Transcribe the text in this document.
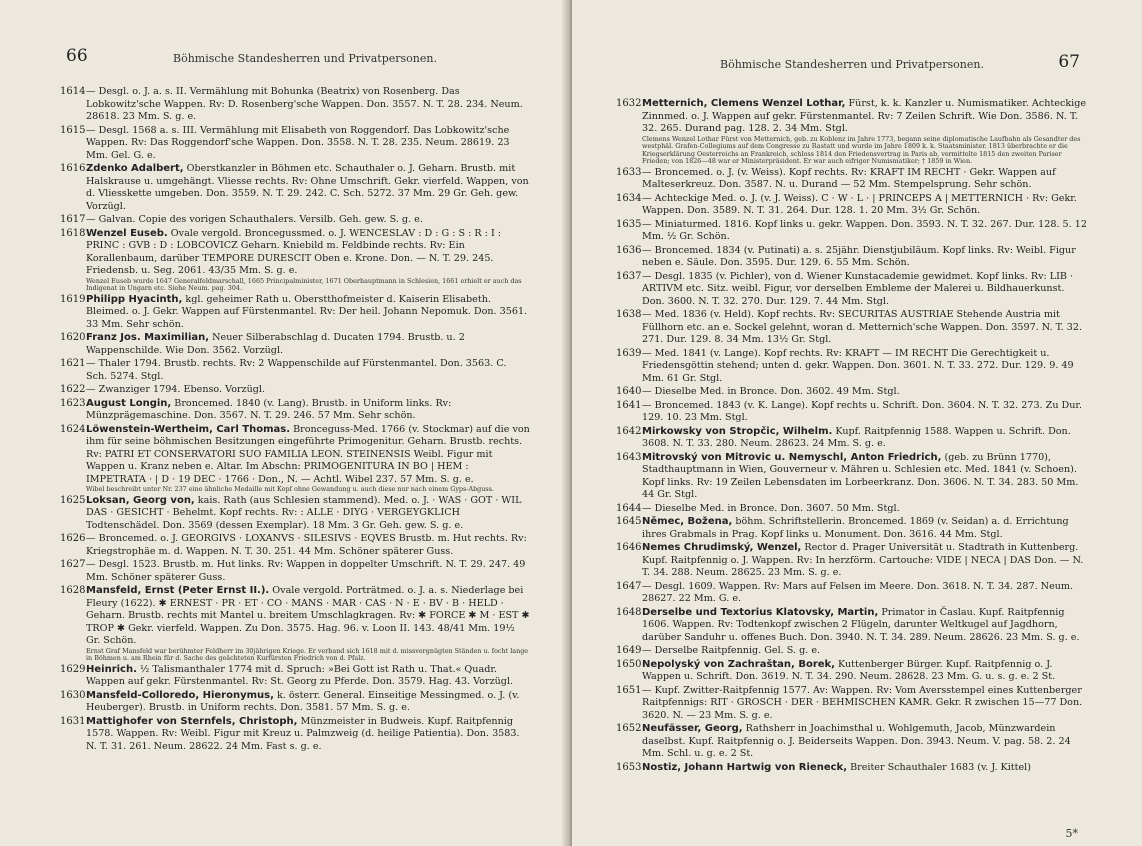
66	Böhmische Standesherren und Privatpersonen.
1614 — Desgl. o. J. a. s. II. Vermählung mit Bohunka (Beatrix) von Rosenberg. Das Lobkowitz'sche Wappen. Rv: D. Rosenberg'sche Wappen. Don. 3557. N. T. 28. 234. Neum. 28618. 23 Mm. S. g. e.
1615 — Desgl. 1568 a. s. III. Vermählung mit Elisabeth von Roggendorf. Das Lobkowitz'sche Wappen. Rv: Das Roggendorf'sche Wappen. Don. 3558. N. T. 28. 235. Neum. 28619. 23 Mm. Gel. G. e.
1616 Zdenko Adalbert, Oberstkanzler in Böhmen etc. Schauthaler o. J. Geharn. Brustb. mit Halskrause u. umgehängt. Vliesse rechts. Rv: Ohne Umschrift. Gekr. vierfeld. Wappen, von d. Vliesskette umgeben. Don. 3559. N. T. 29. 242. C. Sch. 5272. 37 Mm. 29 Gr. Geh. gew. Vorzügl.
1617 — Galvan. Copie des vorigen Schauthalers. Versilb. Geh. gew. S. g. e.
1618 Wenzel Euseb. Ovale vergold. Broncegussmed. o. J. WENCESLAV : D : G : S : R : I : PRINC : GVB : D : LOBCOVICZ Geharn. Kniebild m. Feldbinde rechts. Rv: Ein Korallenbaum, darüber TEMPORE DURESCIT Oben e. Krone. Don. — N. T. 29. 245. Friedensb. u. Seg. 2061. 43/35 Mm. S. g. e.
Wenzel Euseb wurde 1647 Generalfeldmarschall, 1665 Principalminister, 1671 Oberhauptmann in Schlesien, 1661 erhielt er auch das Indigenat in Ungarn etc. Siehe Neum. pag. 304.
1619 Philipp Hyacinth, kgl. geheimer Rath u. Oberstthofmeister d. Kaiserin Elisabeth. Bleimed. o. J. Gekr. Wappen auf Fürstenmantel. Rv: Der heil. Johann Nepomuk. Don. 3561. 33 Mm. Sehr schön.
1620 Franz Jos. Maximilian, Neuer Silberabschlag d. Ducaten 1794. Brustb. u. 2 Wappenschilde. Wie Don. 3562. Vorzügl.
1621 — Thaler 1794. Brustb. rechts. Rv: 2 Wappenschilde auf Fürstenmantel. Don. 3563. C. Sch. 5274. Stgl.
1622 — Zwanziger 1794. Ebenso. Vorzügl.
1623 August Longin, Broncemed. 1840 (v. Lang). Brustb. in Uniform links. Rv: Münzprägemaschine. Don. 3567. N. T. 29. 246. 57 Mm. Sehr schön.
1624 Löwenstein-Wertheim, Carl Thomas. Bronceguss-Med. 1766 (v. Stockmar) auf die von ihm für seine böhmischen Besitzungen eingeführte Primogenitur. Geharn. Brustb. rechts. Rv: PATRI ET CONSERVATORI SUO FAMILIA LEON. STEINENSIS Weibl. Figur mit Wappen u. Kranz neben e. Altar. Im Abschn: PRIMOGENITURA IN BO | HEM : IMPETRATA · | D · 19 DEC · 1766 · Don., N. — Achtl. Wibel 237. 57 Mm. S. g. e.
Wibel beschreibt unter Nr. 237 eine ähnliche Medaille mit Kopf ohne Gewandung u. auch diese nur nach einem Gyps-Abguss.
1625 Loksan, Georg von, kais. Rath (aus Schlesien stammend). Med. o. J. · WAS · GOT · WIL DAS · GESICHT · Behelmt. Kopf rechts. Rv: : ALLE · DIYG · VERGEYGKLICH Todtenschädel. Don. 3569 (dessen Exemplar). 18 Mm. 3 Gr. Geh. gew. S. g. e.
1626 — Broncemed. o. J. GEORGIVS · LOXANVS · SILESIVS · EQVES Brustb. m. Hut rechts. Rv: Kriegstrophäe m. d. Wappen. N. T. 30. 251. 44 Mm. Schöner späterer Guss.
1627 — Desgl. 1523. Brustb. m. Hut links. Rv: Wappen in doppelter Umschrift. N. T. 29. 247. 49 Mm. Schöner späterer Guss.
1628 Mansfeld, Ernst (Peter Ernst II.). Ovale vergold. Porträtmed. o. J. a. s. Niederlage bei Fleury (1622). ✱ ERNEST · PR · ET · CO · MANS · MAR · CAS · N · E · BV · B · HELD · Geharn. Brustb. rechts mit Mantel u. breitem Umschlagkragen. Rv: ✱ FORCE ✱ M · EST ✱ TROP ✱ Gekr. vierfeld. Wappen. Zu Don. 3575. Hag. 96. v. Loon II. 143. 48/41 Mm. 19½ Gr. Schön.
Ernst Graf Mansfeld war berühmter Feldherr im 30jährigen Kriege. Er verband sich 1618 mit d. missvergnügten Ständen u. focht lange in Böhmen u. am Rhein für d. Sache des geächteten Kurfürsten Friedrich von d. Pfalz.
1629 Heinrich. ½ Talismanthaler 1774 mit d. Spruch: »Bei Gott ist Rath u. That.« Quadr. Wappen auf gekr. Fürstenmantel. Rv: St. Georg zu Pferde. Don. 3579. Hag. 43. Vorzügl.
1630 Mansfeld-Colloredo, Hieronymus, k. österr. General. Einseitige Messingmed. o. J. (v. Heuberger). Brustb. in Uniform rechts. Don. 3581. 57 Mm. S. g. e.
1631 Mattighofer von Sternfels, Christoph, Münzmeister in Budweis. Kupf. Raitpfennig 1578. Wappen. Rv: Weibl. Figur mit Kreuz u. Palmzweig (d. heilige Patientia). Don. 3583. N. T. 31. 261. Neum. 28622. 24 Mm. Fast s. g. e.
Böhmische Standesherren und Privatpersonen.	67
1632 Metternich, Clemens Wenzel Lothar, Fürst, k. k. Kanzler u. Numismatiker. Achteckige Zinnmed. o. J. Wappen auf gekr. Fürstenmantel. Rv: 7 Zeilen Schrift. Wie Don. 3586. N. T. 32. 265. Durand pag. 128. 2. 34 Mm. Stgl.
Clemens Wenzel Lothar Fürst von Metternich, geb. zu Koblenz im Jahre 1773, begann seine diplomatische Laufbahn als Gesandter des westphäl. Grafen-Collegiums auf dem Congresse zu Rastatt und wurde im Jahre 1809 k. k. Staatsminister. 1813 überbrachte er die Kriegserklärung Oesterreichs an Frankreich, schloss 1814 den Friedensvertrag in Paris ab, vermittelte 1815 den zweiten Pariser Frieden; von 1826—48 war er Ministerpräsident. Er war auch eifriger Numismatiker; † 1859 in Wien.
1633 — Broncemed. o. J. (v. Weiss). Kopf rechts. Rv: KRAFT IM RECHT · Gekr. Wappen auf Malteserkreuz. Don. 3587. N. u. Durand — 52 Mm. Stempelsprung. Sehr schön.
1634 — Achteckige Med. o. J. (v. J. Weiss). C · W · L · | PRINCEPS A | METTERNICH · Rv: Gekr. Wappen. Don. 3589. N. T. 31. 264. Dur. 128. 1. 20 Mm. 3½ Gr. Schön.
1635 — Miniaturmed. 1816. Kopf links u. gekr. Wappen. Don. 3593. N. T. 32. 267. Dur. 128. 5. 12 Mm. ½ Gr. Schön.
1636 — Broncemed. 1834 (v. Putinati) a. s. 25jähr. Dienstjubiläum. Kopf links. Rv: Weibl. Figur neben e. Säule. Don. 3595. Dur. 129. 6. 55 Mm. Schön.
1637 — Desgl. 1835 (v. Pichler), von d. Wiener Kunstacademie gewidmet. Kopf links. Rv: LIB · ARTIVM etc. Sitz. weibl. Figur, vor derselben Embleme der Malerei u. Bildhauerkunst. Don. 3600. N. T. 32. 270. Dur. 129. 7. 44 Mm. Stgl.
1638 — Med. 1836 (v. Held). Kopf rechts. Rv: SECURITAS AUSTRIAE Stehende Austria mit Füllhorn etc. an e. Sockel gelehnt, woran d. Metternich'sche Wappen. Don. 3597. N. T. 32. 271. Dur. 129. 8. 34 Mm. 13½ Gr. Stgl.
1639 — Med. 1841 (v. Lange). Kopf rechts. Rv: KRAFT — IM RECHT Die Gerechtigkeit u. Friedensgöttin stehend; unten d. gekr. Wappen. Don. 3601. N. T. 33. 272. Dur. 129. 9. 49 Mm. 61 Gr. Stgl.
1640 — Dieselbe Med. in Bronce. Don. 3602. 49 Mm. Stgl.
1641 — Broncemed. 1843 (v. K. Lange). Kopf rechts u. Schrift. Don. 3604. N. T. 32. 273. Zu Dur. 129. 10. 23 Mm. Stgl.
1642 Mirkowsky von Stropčic, Wilhelm. Kupf. Raitpfennig 1588. Wappen u. Schrift. Don. 3608. N. T. 33. 280. Neum. 28623. 24 Mm. S. g. e.
1643 Mitrovský von Mitrovic u. Nemyschl, Anton Friedrich, (geb. zu Brünn 1770), Stadthauptmann in Wien, Gouverneur v. Mähren u. Schlesien etc. Med. 1841 (v. Schoen). Kopf links. Rv: 19 Zeilen Lebensdaten im Lorbeerkranz. Don. 3606. N. T. 34. 283. 50 Mm. 44 Gr. Stgl.
1644 — Dieselbe Med. in Bronce. Don. 3607. 50 Mm. Stgl.
1645 Němec, Božena, böhm. Schriftstellerin. Broncemed. 1869 (v. Seidan) a. d. Errichtung ihres Grabmals in Prag. Kopf links u. Monument. Don. 3616. 44 Mm. Stgl.
1646 Nemes Chrudimský, Wenzel, Rector d. Prager Universität u. Stadtrath in Kuttenberg. Kupf. Raitpfennig o. J. Wappen. Rv: In herzförm. Cartouche: VIDE | NECA | DAS Don. — N. T. 34. 288. Neum. 28625. 23 Mm. S. g. e.
1647 — Desgl. 1609. Wappen. Rv: Mars auf Felsen im Meere. Don. 3618. N. T. 34. 287. Neum. 28627. 22 Mm. G. e.
1648 Derselbe und Textorius Klatovsky, Martin, Primator in Časlau. Kupf. Raitpfennig 1606. Wappen. Rv: Todtenkopf zwischen 2 Flügeln, darunter Weltkugel auf Jagdhorn, darüber Sanduhr u. offenes Buch. Don. 3940. N. T. 34. 289. Neum. 28626. 23 Mm. S. g. e.
1649 — Derselbe Raitpfennig. Gel. S. g. e.
1650 Nepolyský von Zachraštan, Borek, Kuttenberger Bürger. Kupf. Raitpfennig o. J. Wappen u. Schrift. Don. 3619. N. T. 34. 290. Neum. 28628. 23 Mm. G. u. s. g. e. 2 St.
1651 — Kupf. Zwitter-Raitpfennig 1577. Av: Wappen. Rv: Vom Aversstempel eines Kuttenberger Raitpfennigs: RIT · GROSCH · DER · BEHMISCHEN KAMR. Gekr. R zwischen 15—77 Don. 3620. N. — 23 Mm. S. g. e.
1652 Neufässer, Georg, Rathsherr in Joachimsthal u. Wohlgemuth, Jacob, Münzwardein daselbst. Kupf. Raitpfennig o. J. Beiderseits Wappen. Don. 3943. Neum. V. pag. 58. 2. 24 Mm. Schl. u. g. e. 2 St.
1653 Nostiz, Johann Hartwig von Rieneck, Breiter Schauthaler 1683 (v. J. Kittel)
5*
